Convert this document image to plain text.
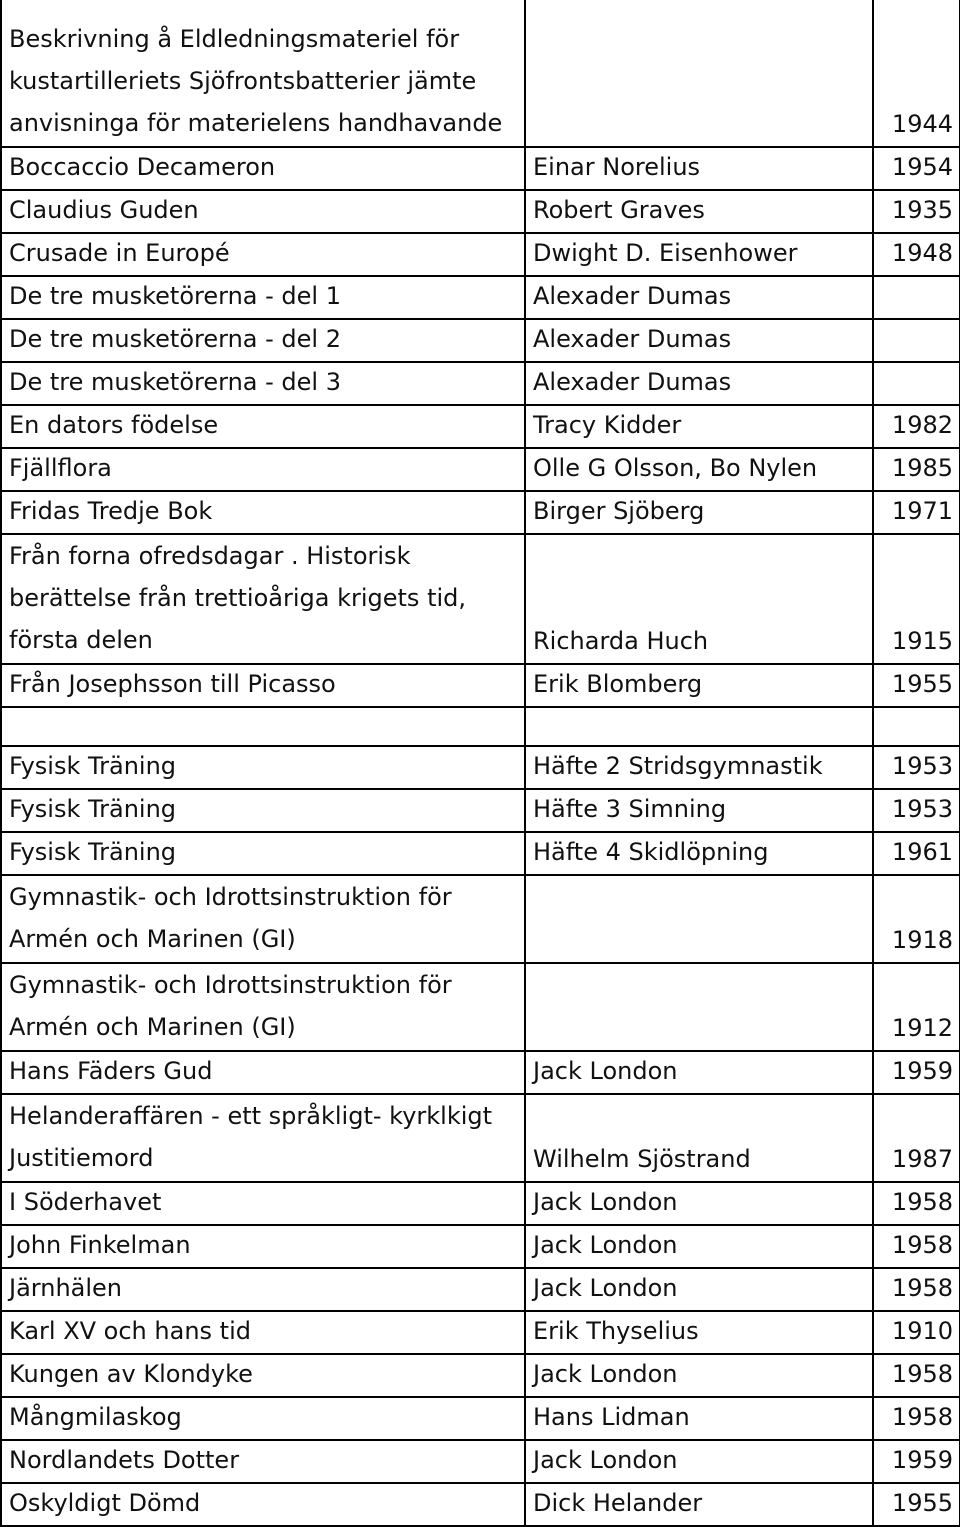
Beskrivning å Eldledningsmateriel för kustartilleriets Sjöfrontsbatterier jämte anvisninga för materielens handhavande		1944
Boccaccio Decameron	Einar Norelius	1954
Claudius Guden	Robert Graves	1935
Crusade in Europé	Dwight D. Eisenhower	1948
De tre musketörerna - del 1	Alexader Dumas	
De tre musketörerna - del 2	Alexader Dumas	
De tre musketörerna - del 3	Alexader Dumas	
En dators födelse	Tracy Kidder	1982
Fjällflora	Olle G Olsson, Bo Nylen	1985
Fridas Tredje Bok	Birger Sjöberg	1971
Från forna ofredsdagar . Historisk berättelse från trettioåriga krigets tid, första delen	Richarda Huch	1915
Från Josephsson till Picasso	Erik Blomberg	1955

Fysisk Träning	Häfte 2 Stridsgymnastik	1953
Fysisk Träning	Häfte 3 Simning	1953
Fysisk Träning	Häfte 4 Skidlöpning	1961
Gymnastik- och Idrottsinstruktion för Armén och Marinen (GI)		1918
Gymnastik- och Idrottsinstruktion för Armén och Marinen (GI)		1912
Hans Fäders Gud	Jack London	1959
Helanderaffären - ett språkligt- kyrklkigt Justitiemord	Wilhelm Sjöstrand	1987
I Söderhavet	Jack London	1958
John Finkelman	Jack London	1958
Järnhälen	Jack London	1958
Karl XV och hans tid	Erik Thyselius	1910
Kungen av Klondyke	Jack London	1958
Mångmilaskog	Hans Lidman	1958
Nordlandets Dotter	Jack London	1959
Oskyldigt Dömd	Dick Helander	1955
